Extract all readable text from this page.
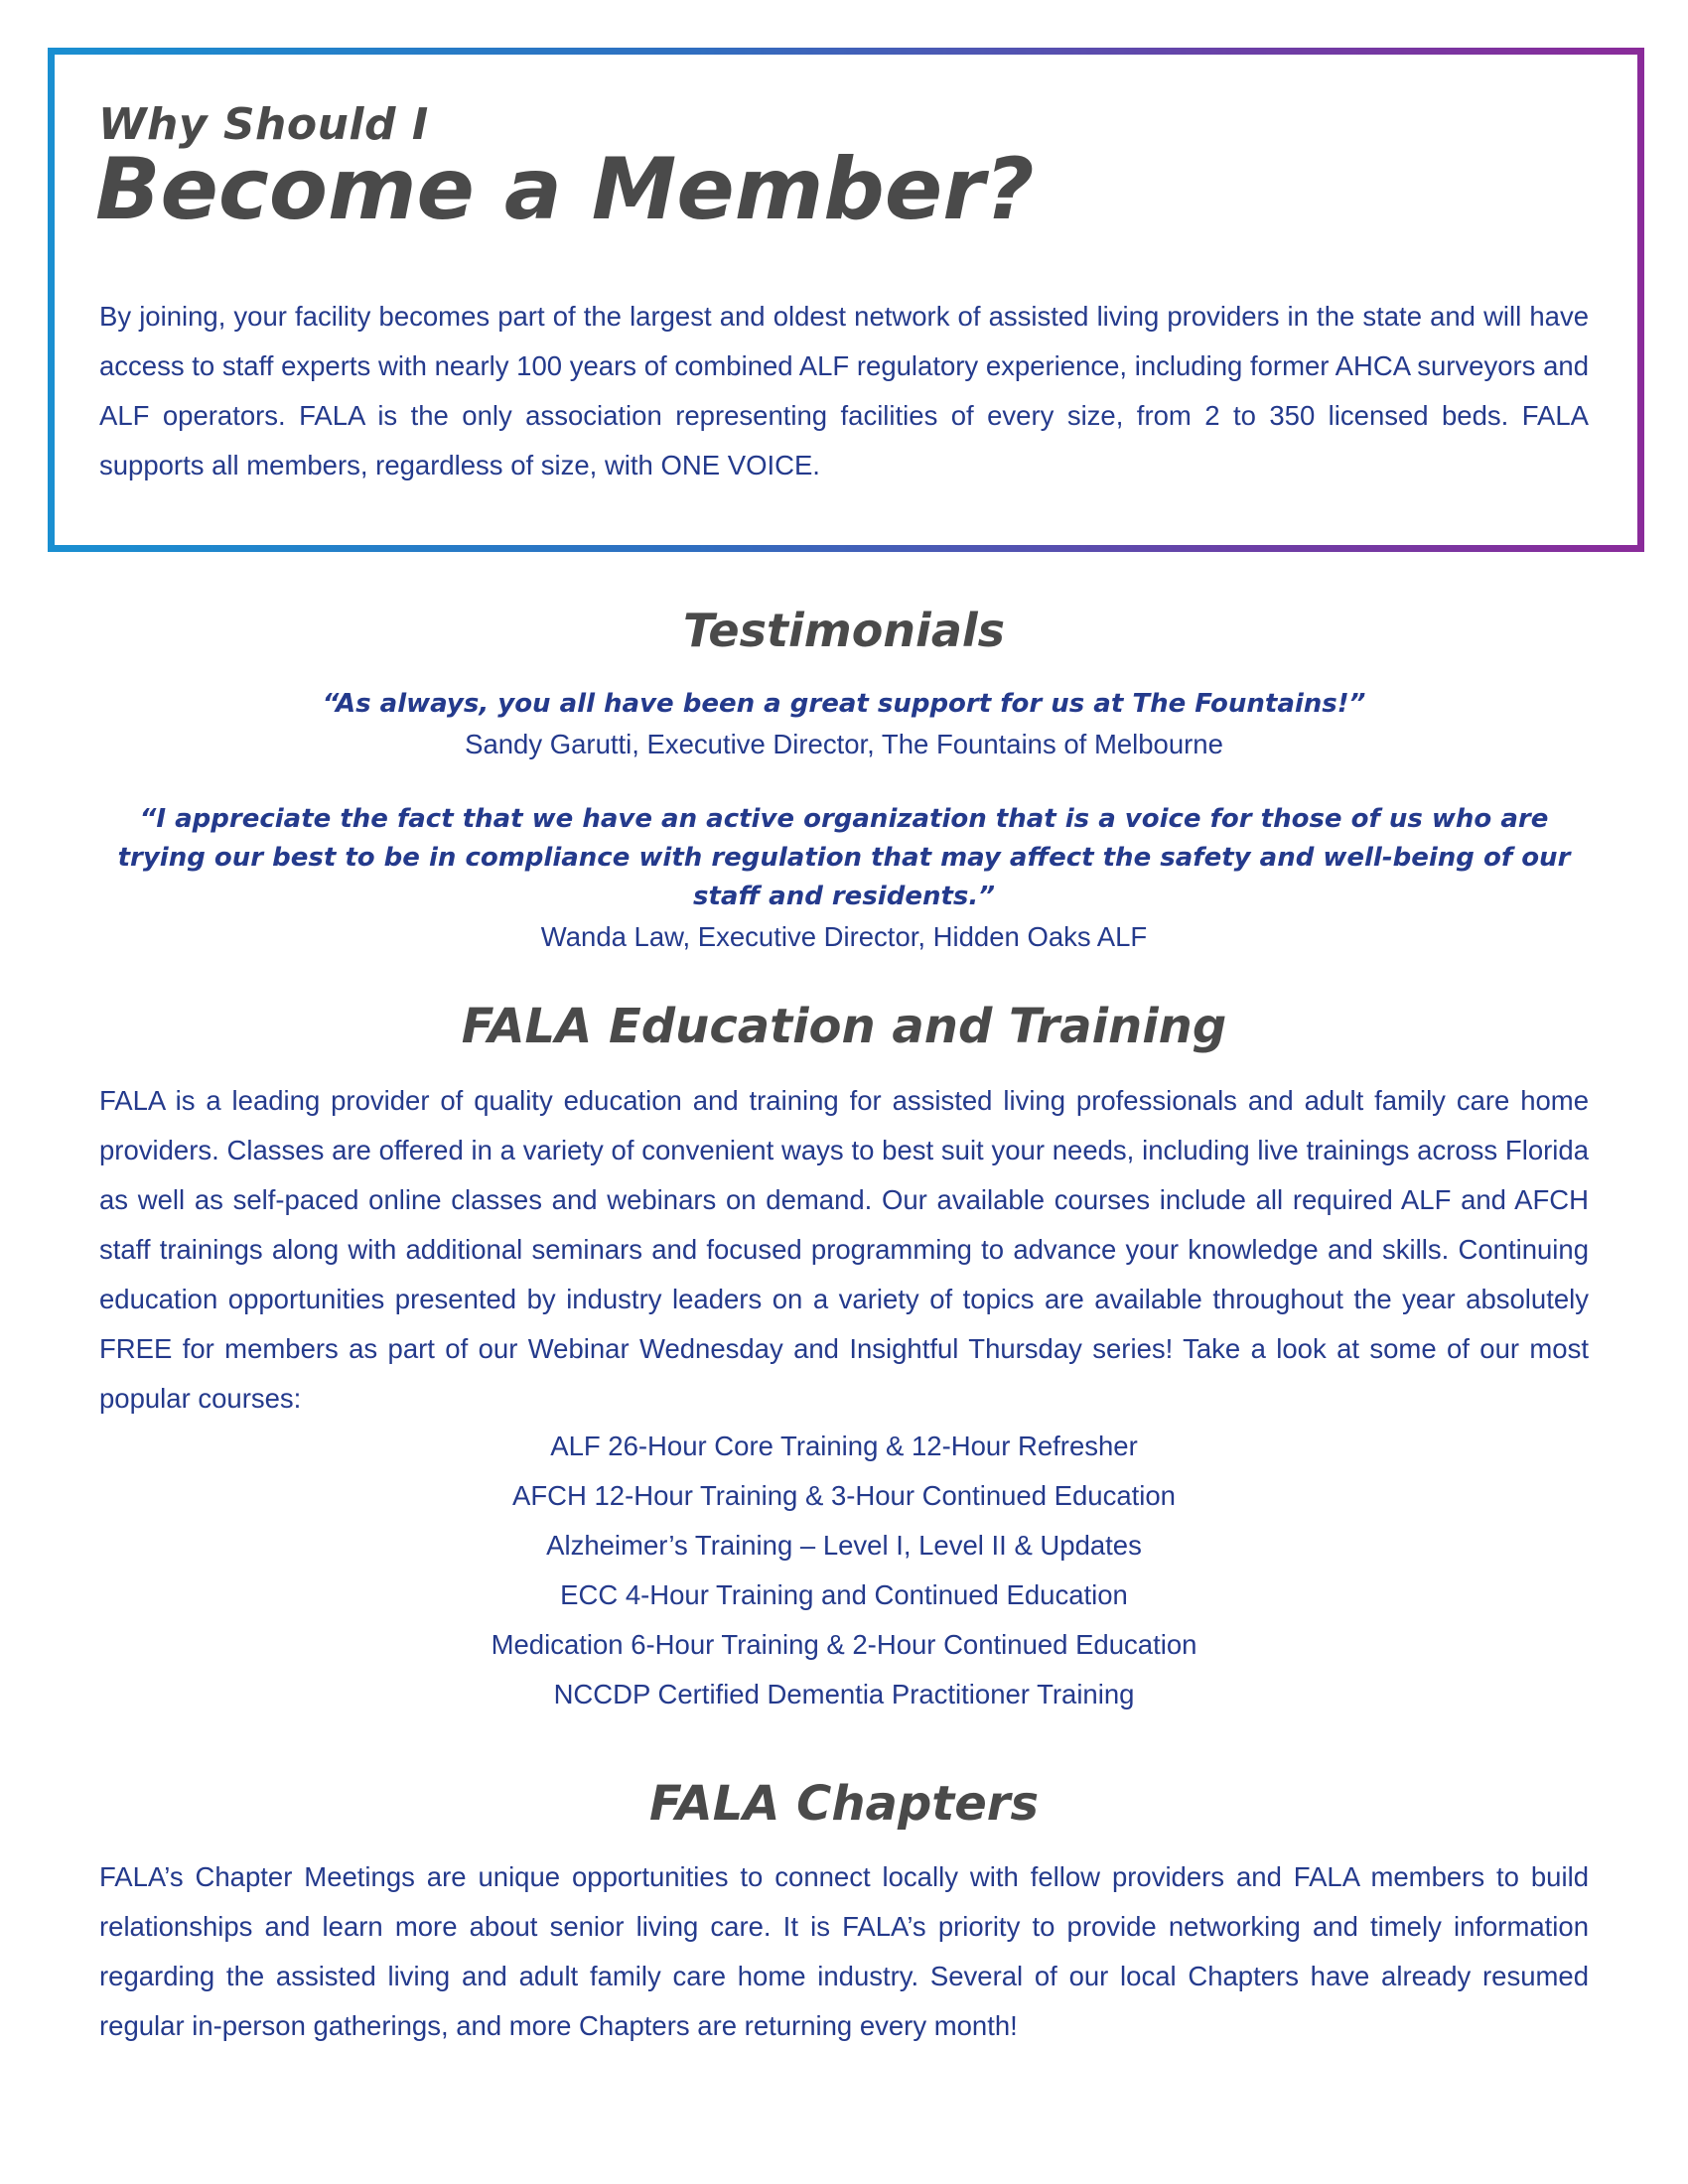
Why Should I
Become a Member?

By joining, your facility becomes part of the largest and oldest network of assisted living providers in the state and will have access to staff experts with nearly 100 years of combined ALF regulatory experience, including former AHCA surveyors and ALF operators. FALA is the only association representing facilities of every size, from 2 to 350 licensed beds. FALA supports all members, regardless of size, with ONE VOICE.

Testimonials

“As always, you all have been a great support for us at The Fountains!”

Sandy Garutti, Executive Director, The Fountains of Melbourne

“I appreciate the fact that we have an active organization that is a voice for those of us who are trying our best to be in compliance with regulation that may affect the safety and well-being of our staff and residents.”

Wanda Law, Executive Director, Hidden Oaks ALF

FALA Education and Training

FALA is a leading provider of quality education and training for assisted living professionals and adult family care home providers. Classes are offered in a variety of convenient ways to best suit your needs, including live trainings across Florida as well as self-paced online classes and webinars on demand. Our available courses include all required ALF and AFCH staff trainings along with additional seminars and focused programming to advance your knowledge and skills. Continuing education opportunities presented by industry leaders on a variety of topics are available throughout the year absolutely FREE for members as part of our Webinar Wednesday and Insightful Thursday series! Take a look at some of our most popular courses:

ALF 26-Hour Core Training & 12-Hour Refresher
AFCH 12-Hour Training & 3-Hour Continued Education
Alzheimer’s Training – Level I, Level II & Updates
ECC 4-Hour Training and Continued Education
Medication 6-Hour Training & 2-Hour Continued Education
NCCDP Certified Dementia Practitioner Training
FALA Chapters

FALA’s Chapter Meetings are unique opportunities to connect locally with fellow providers and FALA members to build relationships and learn more about senior living care. It is FALA’s priority to provide networking and timely information regarding the assisted living and adult family care home industry. Several of our local Chapters have already resumed regular in-person gatherings, and more Chapters are returning every month!
